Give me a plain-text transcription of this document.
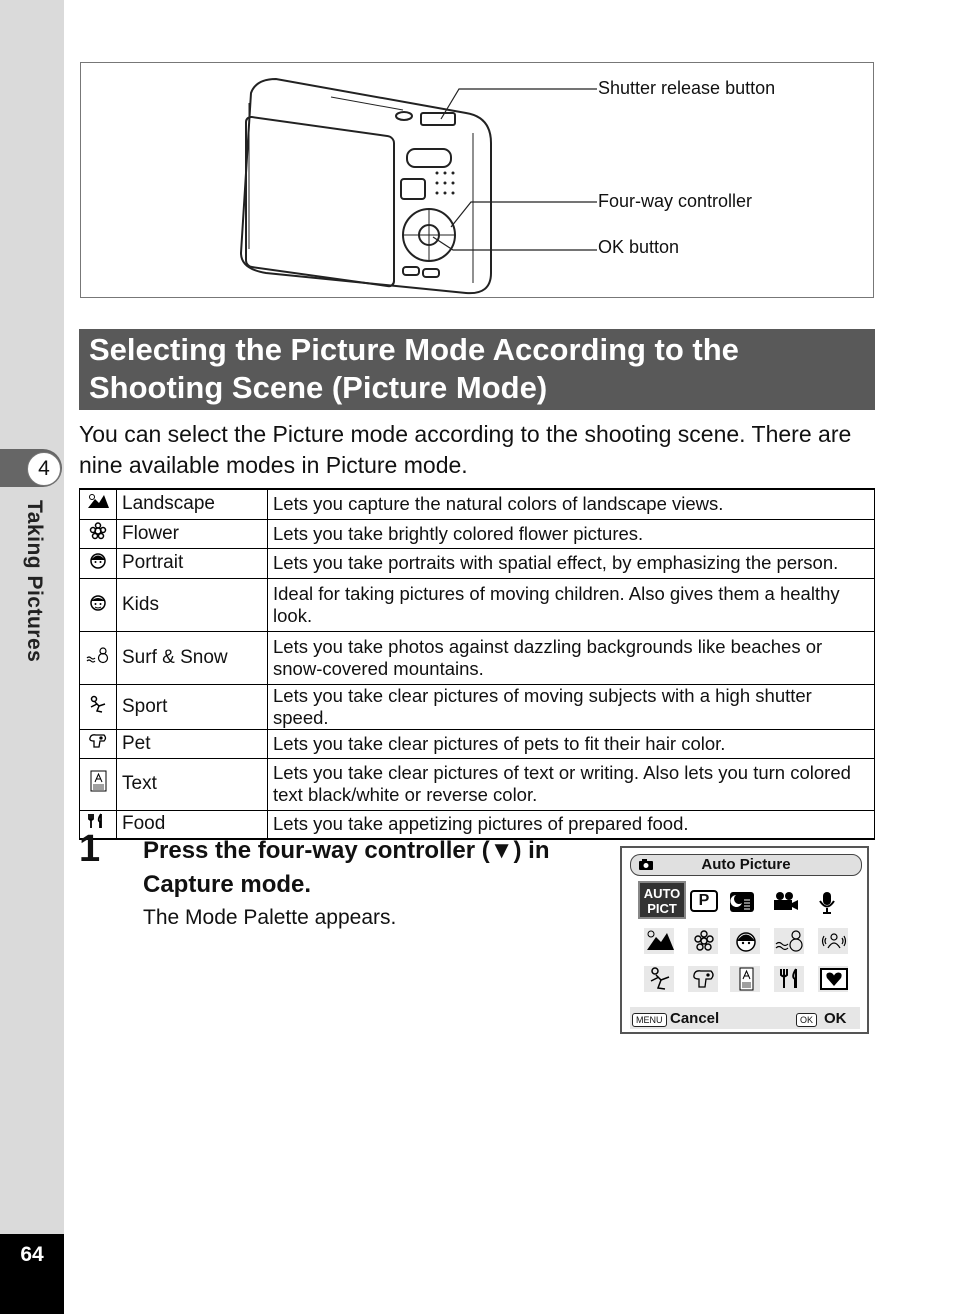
4
Taking Pictures
64
Shutter release button
Four-way controller
OK button
Selecting the Picture Mode According to the Shooting Scene (Picture Mode)
You can select the Picture mode according to the shooting scene. There are nine available modes in Picture mode.
	Landscape	Lets you capture the natural colors of landscape views.
	Flower	Lets you take brightly colored flower pictures.
	Portrait	Lets you take portraits with spatial effect, by emphasizing the person.
	Kids	Ideal for taking pictures of moving children. Also gives them a healthy look.
	Surf & Snow	Lets you take photos against dazzling backgrounds like beaches or snow-covered mountains.
	Sport	Lets you take clear pictures of moving subjects with a high shutter speed.
	Pet	Lets you take clear pictures of pets to fit their hair color.
	Text	Lets you take clear pictures of text or writing. Also lets you turn colored text black/white or reverse color.
	Food	Lets you take appetizing pictures of prepared food.
1 Press the four-way controller (▼) in Capture mode.
The Mode Palette appears.
Auto Picture
AUTO
PICT	P
MENU Cancel	OK OK
